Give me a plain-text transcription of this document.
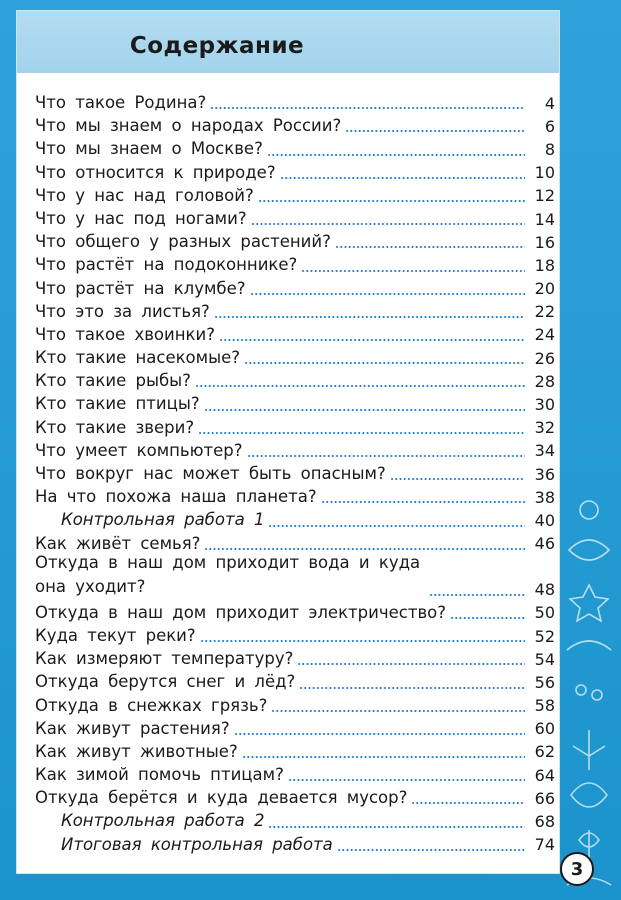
Содержание
Что такое Родина?	4
Что мы знаем о народах России?	6
Что мы знаем о Москве?	8
Что относится к природе?	10
Что у нас над головой?	12
Что у нас под ногами?	14
Что общего у разных растений?	16
Что растёт на подоконнике?	18
Что растёт на клумбе?	20
Что это за листья?	22
Что такое хвоинки?	24
Кто такие насекомые?	26
Кто такие рыбы?	28
Кто такие птицы?	30
Кто такие звери?	32
Что умеет компьютер?	34
Что вокруг нас может быть опасным?	36
На что похожа наша планета?	38
Контрольная работа 1	40
Как живёт семья?	46
Откуда в наш дом приходит вода и куда она уходит?	48
Откуда в наш дом приходит электричество?	50
Куда текут реки?	52
Как измеряют температуру?	54
Откуда берутся снег и лёд?	56
Откуда в снежках грязь?	58
Как живут растения?	60
Как живут животные?	62
Как зимой помочь птицам?	64
Откуда берётся и куда девается мусор?	66
Контрольная работа 2	68
Итоговая контрольная работа	74
3
